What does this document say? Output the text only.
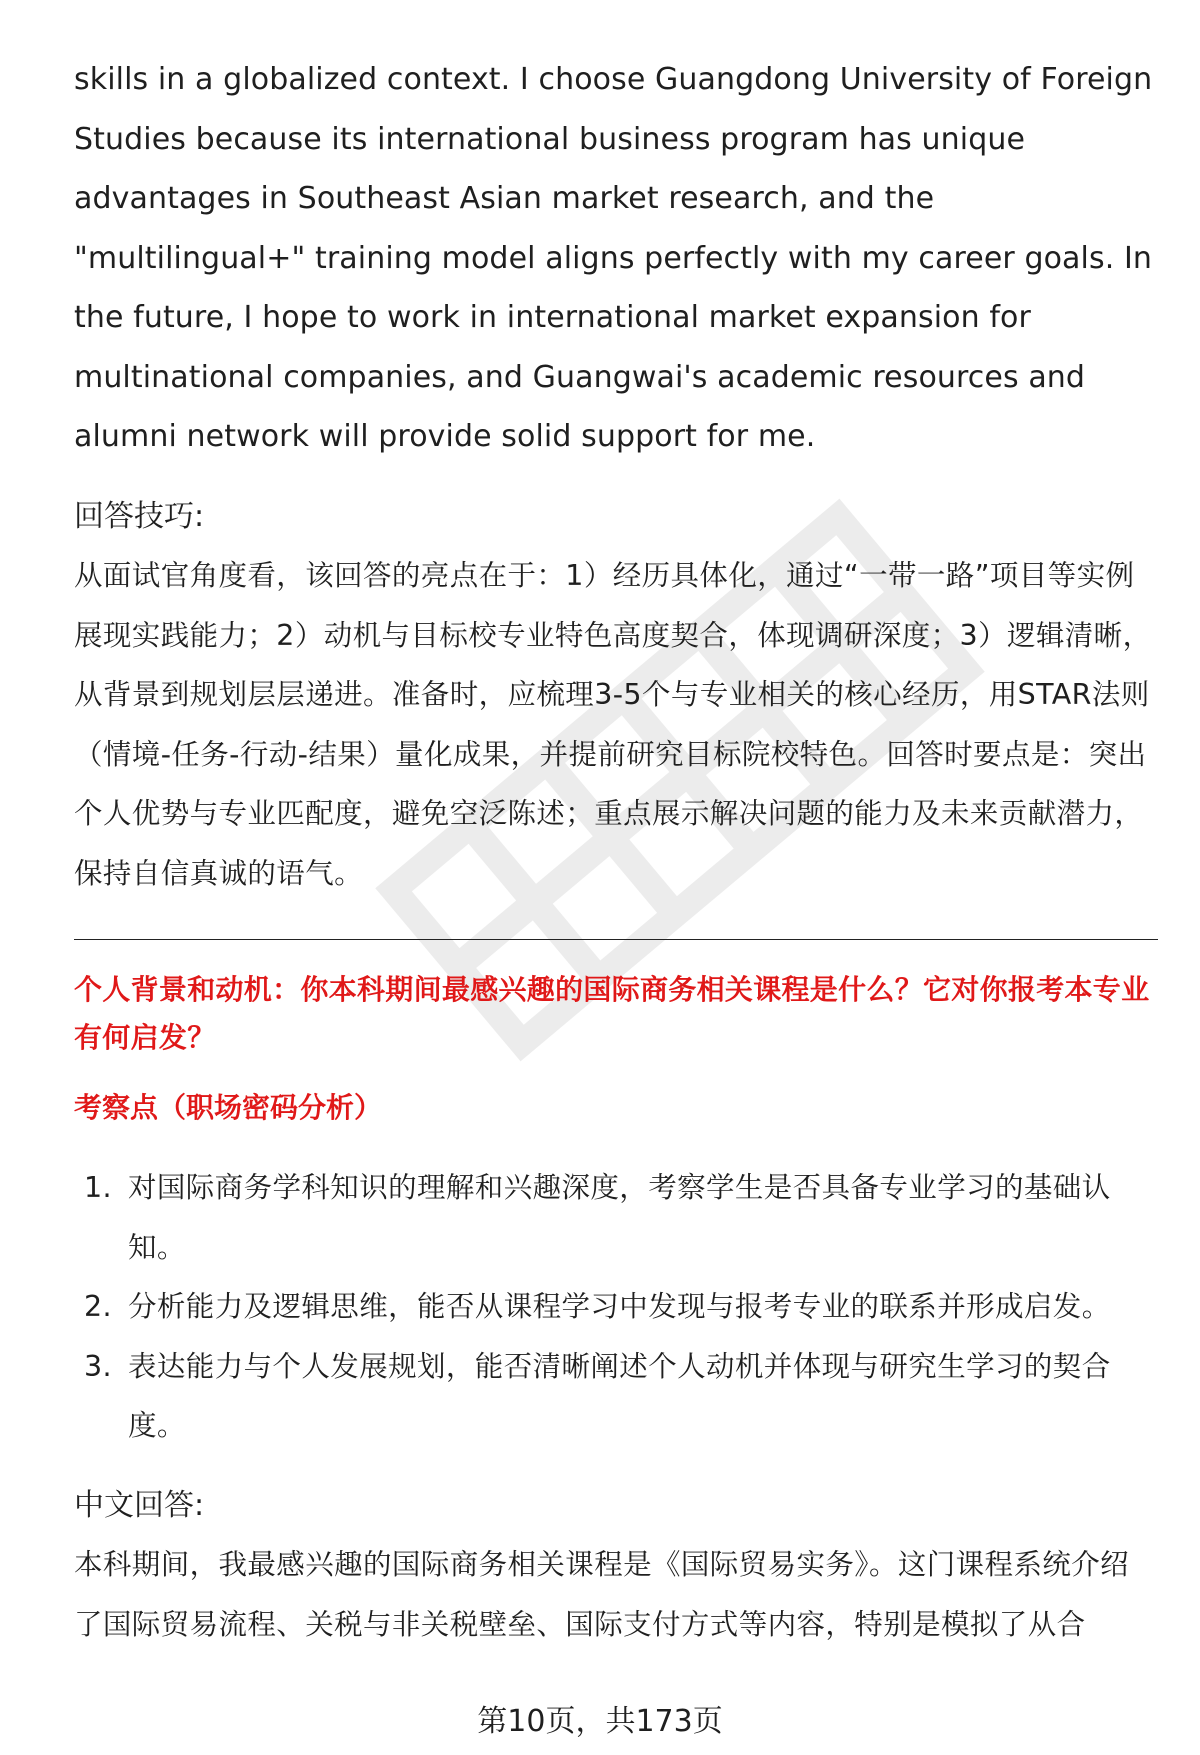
skills in a globalized context. I choose Guangdong University of Foreign Studies because its international business program has unique advantages in Southeast Asian market research, and the "multilingual+" training model aligns perfectly with my career goals. In the future, I hope to work in international market expansion for multinational companies, and Guangwai's academic resources and alumni network will provide solid support for me.

回答技巧:

从面试官角度看，该回答的亮点在于：1）经历具体化，通过“一带一路”项目等实例展现实践能力；2）动机与目标校专业特色高度契合，体现调研深度；3）逻辑清晰，从背景到规划层层递进。准备时，应梳理3-5个与专业相关的核心经历，用STAR法则（情境-任务-行动-结果）量化成果，并提前研究目标院校特色。回答时要点是：突出个人优势与专业匹配度，避免空泛陈述；重点展示解决问题的能力及未来贡献潜力，保持自信真诚的语气。

个人背景和动机：你本科期间最感兴趣的国际商务相关课程是什么？它对你报考本专业有何启发？

考察点（职场密码分析）

1. 对国际商务学科知识的理解和兴趣深度，考察学生是否具备专业学习的基础认知。
2. 分析能力及逻辑思维，能否从课程学习中发现与报考专业的联系并形成启发。
3. 表达能力与个人发展规划，能否清晰阐述个人动机并体现与研究生学习的契合度。

中文回答:

本科期间，我最感兴趣的国际商务相关课程是《国际贸易实务》。这门课程系统介绍了国际贸易流程、关税与非关税壁垒、国际支付方式等内容，特别是模拟了从合

第10页，共173页
